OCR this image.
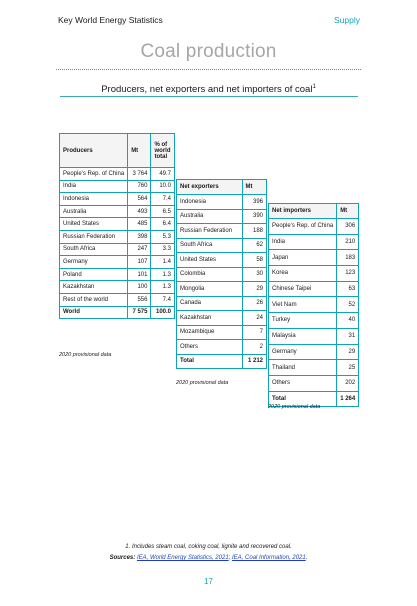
Key World Energy Statistics	Supply
Coal production
Producers, net exporters and net importers of coal$^1$
Producers	Mt	% of world total
People's Rep. of China	3 764	49.7
India	760	10.0
Indonesia	564	7.4
Australia	493	6.5
United States	485	6.4
Russian Federation	398	5.3
South Africa	247	3.3
Germany	107	1.4
Poland	101	1.3
Kazakhstan	100	1.3
Rest of the world	556	7.4
World	7 575	100.0
2020 provisional data
Net exporters	Mt
Indonesia	396
Australia	390
Russian Federation	188
South Africa	62
United States	58
Colombia	30
Mongolia	29
Canada	26
Kazakhstan	24
Mozambique	7
Others	2
Total	1 212
2020 provisional data
Net importers	Mt
People's Rep. of China	306
India	210
Japan	183
Korea	123
Chinese Taipei	63
Viet Nam	52
Turkey	40
Malaysia	31
Germany	29
Thailand	25
Others	202
Total	1 264
2020 provisional data
1. Includes steam coal, coking coal, lignite and recovered coal.
Sources: IEA, World Energy Statistics, 2021; IEA, Coal Information, 2021.
17
